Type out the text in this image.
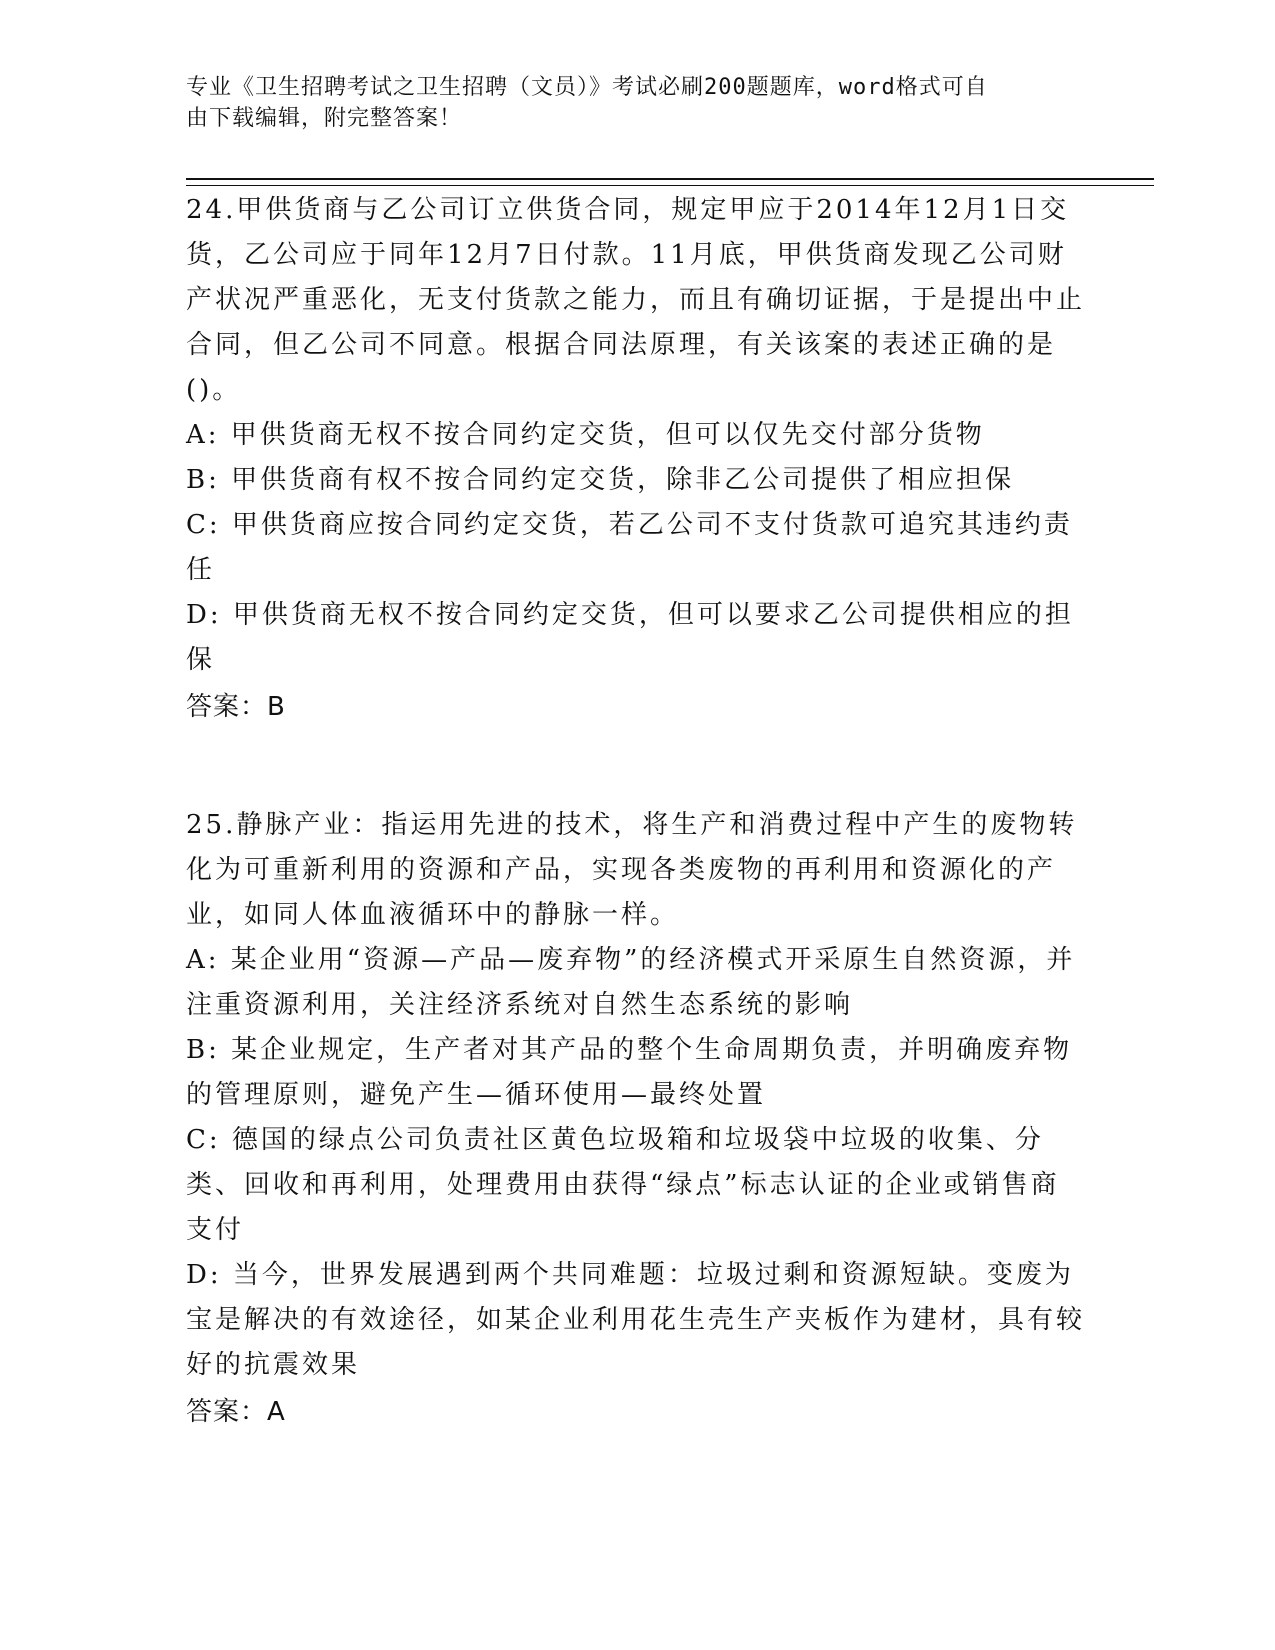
专业《卫生招聘考试之卫生招聘（文员）》考试必刷200题题库，word格式可自
由下载编辑，附完整答案！

24.甲供货商与乙公司订立供货合同，规定甲应于2014年12月1日交货，乙公司应于同年12月7日付款。11月底，甲供货商发现乙公司财产状况严重恶化，无支付货款之能力，而且有确切证据，于是提出中止合同，但乙公司不同意。根据合同法原理，有关该案的表述正确的是()。

A: 甲供货商无权不按合同约定交货，但可以仅先交付部分货物

B: 甲供货商有权不按合同约定交货，除非乙公司提供了相应担保

C: 甲供货商应按合同约定交货，若乙公司不支付货款可追究其违约责任

D: 甲供货商无权不按合同约定交货，但可以要求乙公司提供相应的担保

答案：B

25.静脉产业：指运用先进的技术，将生产和消费过程中产生的废物转化为可重新利用的资源和产品，实现各类废物的再利用和资源化的产业，如同人体血液循环中的静脉一样。

A: 某企业用“资源—产品—废弃物”的经济模式开采原生自然资源，并注重资源利用，关注经济系统对自然生态系统的影响

B: 某企业规定，生产者对其产品的整个生命周期负责，并明确废弃物的管理原则，避免产生—循环使用—最终处置

C: 德国的绿点公司负责社区黄色垃圾箱和垃圾袋中垃圾的收集、分类、回收和再利用，处理费用由获得“绿点”标志认证的企业或销售商支付

D: 当今，世界发展遇到两个共同难题：垃圾过剩和资源短缺。变废为宝是解决的有效途径，如某企业利用花生壳生产夹板作为建材，具有较好的抗震效果

答案：A
